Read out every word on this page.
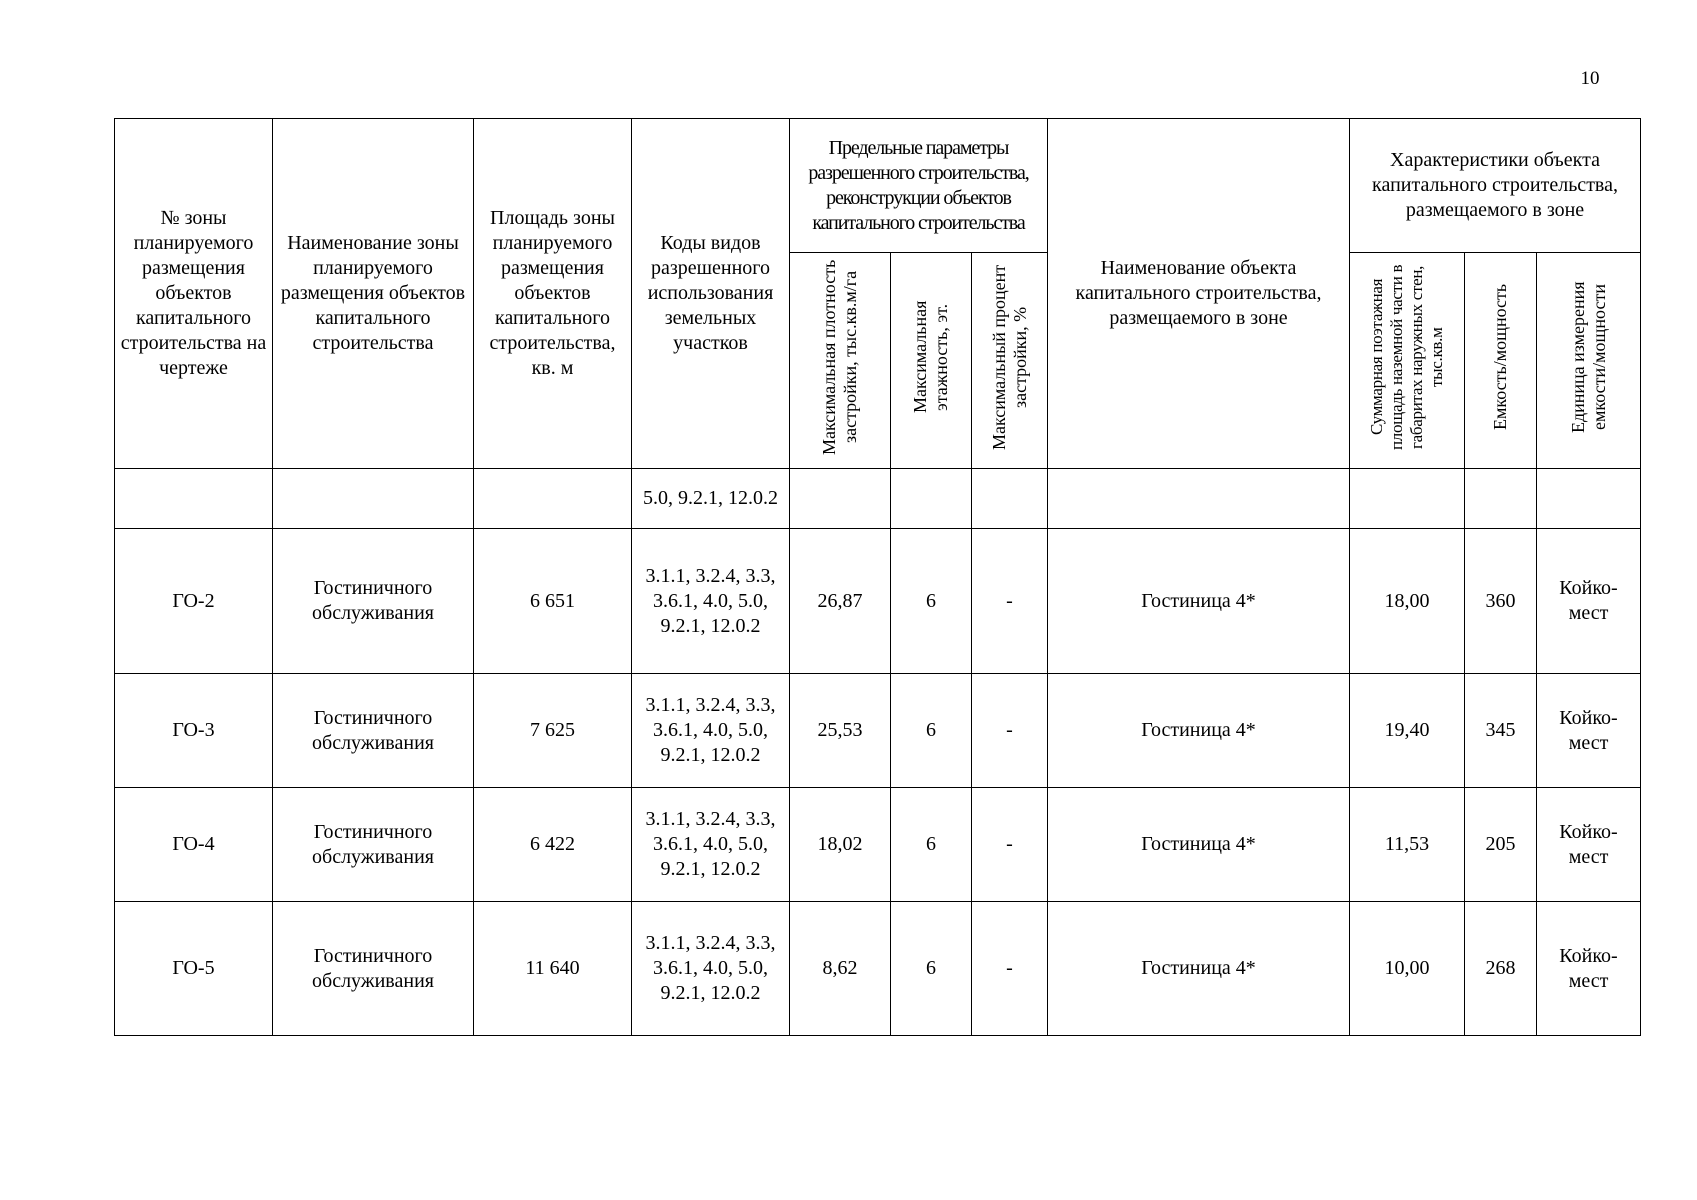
10
№ зоны планируемого размещения объектов капитального строительства на чертеже	Наименование зоны планируемого размещения объектов капитального строительства	Площадь зоны планируемого размещения объектов капитального строительства, кв. м	Коды видов разрешенного использования земельных участков	Предельные параметры разрешенного строительства, реконструкции объектов капитального строительства			Наименование объекта капитального строительства, размещаемого в зоне	Характеристики объекта капитального строительства, размещаемого в зоне		
				Максимальная плотность застройки, тыс.кв.м/га	Максимальная этажность, эт.	Максимальный процент застройки, %		Суммарная поэтажная площадь наземной части в габаритах наружных стен, тыс.кв.м	Емкость/мощность	Единица измерения емкости/мощности
			5.0, 9.2.1, 12.0.2							
ГО-2	Гостиничного обслуживания	6 651	3.1.1, 3.2.4, 3.3, 3.6.1, 4.0, 5.0, 9.2.1, 12.0.2	26,87	6	-	Гостиница 4*	18,00	360	Койко-мест
ГО-3	Гостиничного обслуживания	7 625	3.1.1, 3.2.4, 3.3, 3.6.1, 4.0, 5.0, 9.2.1, 12.0.2	25,53	6	-	Гостиница 4*	19,40	345	Койко-мест
ГО-4	Гостиничного обслуживания	6 422	3.1.1, 3.2.4, 3.3, 3.6.1, 4.0, 5.0, 9.2.1, 12.0.2	18,02	6	-	Гостиница 4*	11,53	205	Койко-мест
ГО-5	Гостиничного обслуживания	11 640	3.1.1, 3.2.4, 3.3, 3.6.1, 4.0, 5.0, 9.2.1, 12.0.2	8,62	6	-	Гостиница 4*	10,00	268	Койко-мест
